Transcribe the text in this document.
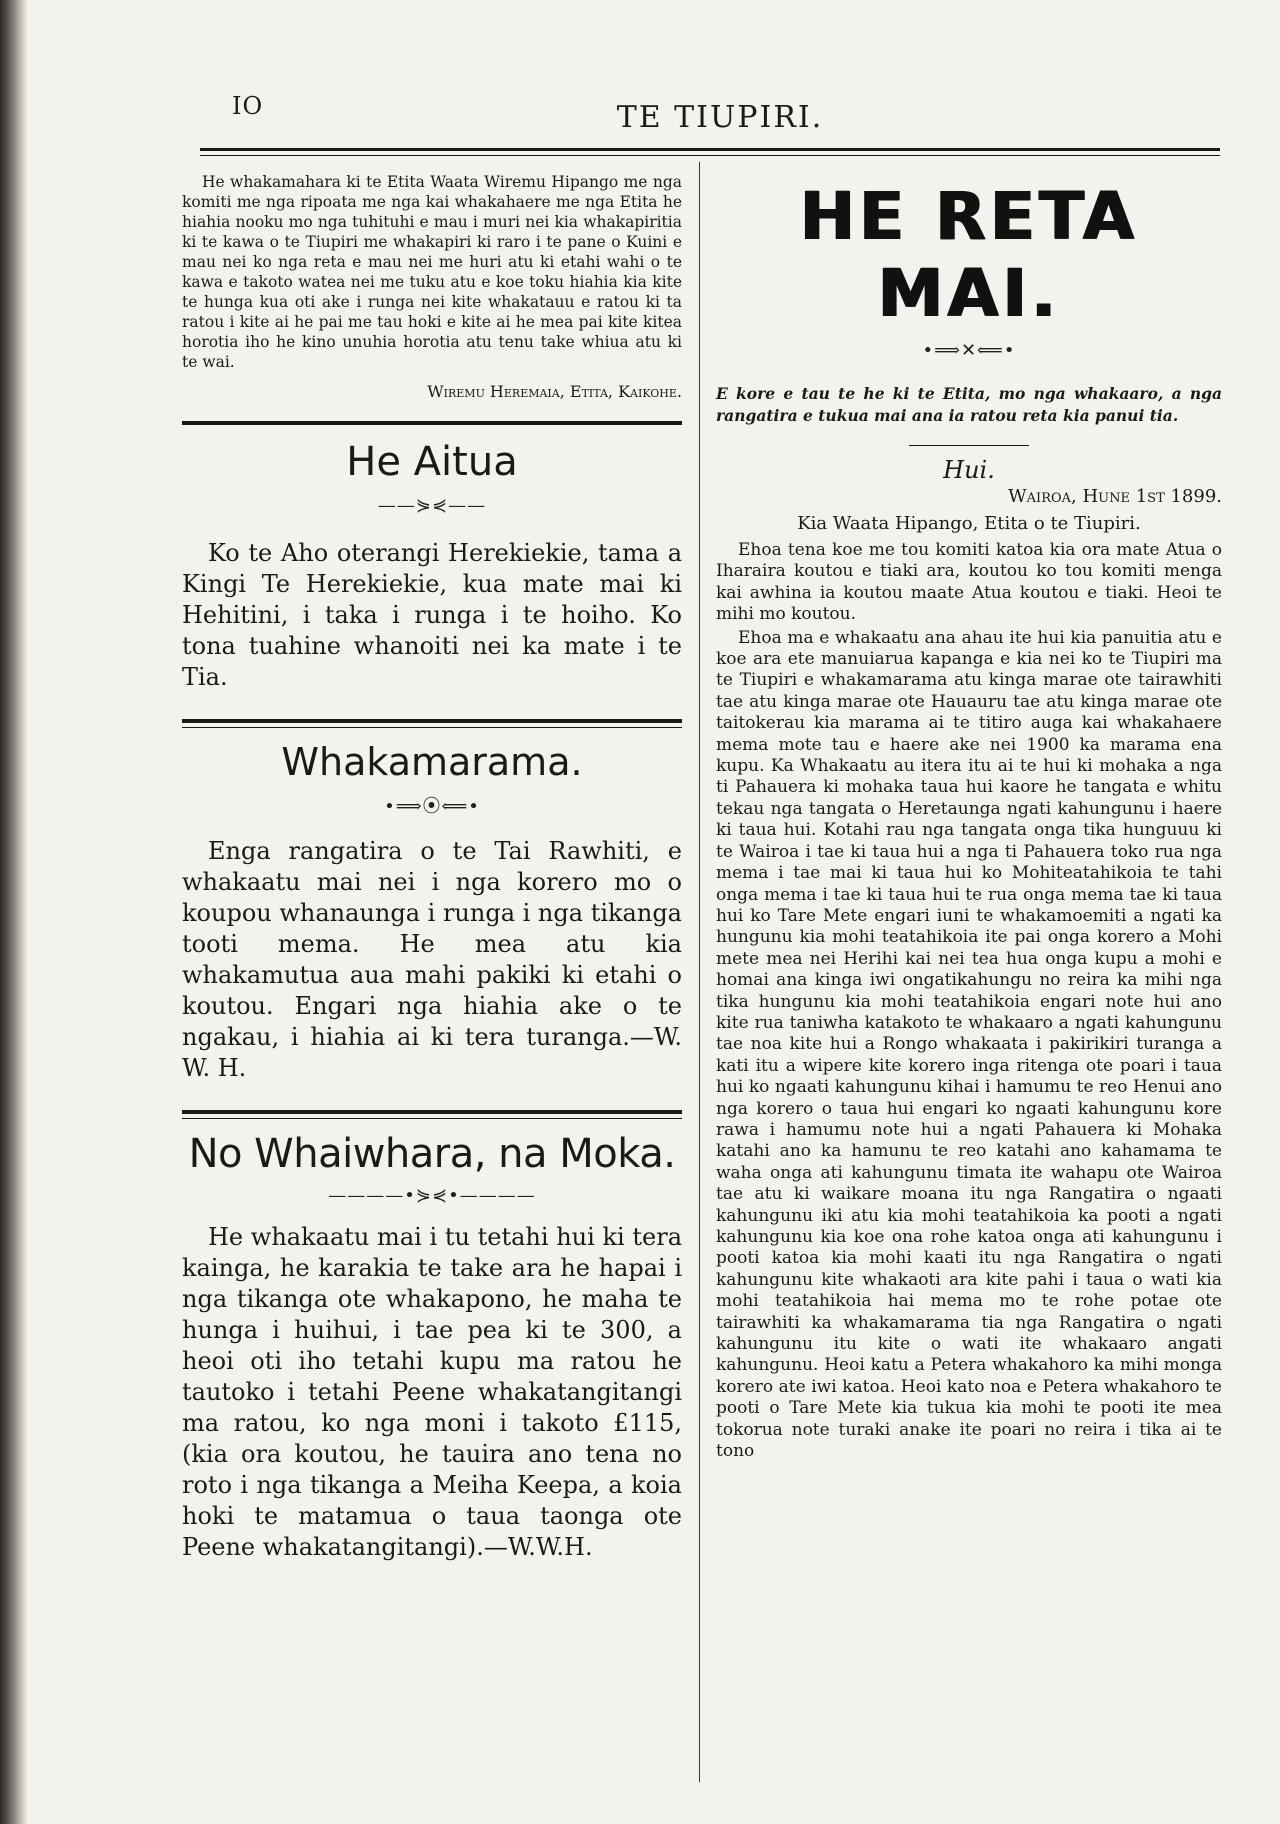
IO	TE TIUPIRI.

He whakamahara ki te Etita Waata Wiremu Hipango me nga komiti me nga ripoata me nga kai whakahaere me nga Etita he hiahia nooku mo nga tuhituhi e mau i muri nei kia whakapiritia ki te kawa o te Tiupiri me whakapiri ki raro i te pane o Kuini e mau nei ko nga reta e mau nei me huri atu ki etahi wahi o te kawa e takoto watea nei me tuku atu e koe toku hiahia kia kite te hunga kua oti ake i runga nei kite whakatauu e ratou ki ta ratou i kite ai he pai me tau hoki e kite ai he mea pai kite kitea horotia iho he kino unuhia horotia atu tenu take whiua atu ki te wai.

Wiremu Heremaia, Etita, Kaikohe.
He Aitua

——⋟⋞——

Ko te Aho oterangi Herekiekie, tama a Kingi Te Herekiekie, kua mate mai ki Hehitini, i taka i runga i te hoiho. Ko tona tuahine whanoiti nei ka mate i te Tia.

Whakamarama.

•⟹⦿⟸•

Enga rangatira o te Tai Rawhiti, e whakaatu mai nei i nga korero mo o koupou whanaunga i runga i nga tikanga tooti mema. He mea atu kia whakamutua aua mahi pakiki ki etahi o koutou. Engari nga hiahia ake o te ngakau, i hiahia ai ki tera turanga.—W. W. H.

No Whaiwhara, na Moka.

————•⋟⋞•————

He whakaatu mai i tu tetahi hui ki tera kainga, he karakia te take ara he hapai i nga tikanga ote whakapono, he maha te hunga i huihui, i tae pea ki te 300, a heoi oti iho tetahi kupu ma ratou he tautoko i tetahi Peene whakatangitangi ma ratou, ko nga moni i takoto £115, (kia ora koutou, he tauira ano tena no roto i nga tikanga a Meiha Keepa, a koia hoki te matamua o taua taonga ote Peene whakatangitangi).—W.W.H.

HE RETA MAI.

•⟹✕⟸•

E kore e tau te he ki te Etita, mo nga whakaaro, a nga rangatira e tukua mai ana ia ratou reta kia panui tia.

Hui.
Wairoa, Hune 1st 1899.
Kia Waata Hipango, Etita o te Tiupiri.

Ehoa tena koe me tou komiti katoa kia ora mate Atua o Iharaira koutou e tiaki ara, koutou ko tou komiti menga kai awhina ia koutou maate Atua koutou e tiaki. Heoi te mihi mo koutou.

Ehoa ma e whakaatu ana ahau ite hui kia panuitia atu e koe ara ete manuiarua kapanga e kia nei ko te Tiupiri ma te Tiupiri e whakamarama atu kinga marae ote tairawhiti tae atu kinga marae ote Hauauru tae atu kinga marae ote taitokerau kia marama ai te titiro auga kai whakahaere mema mote tau e haere ake nei 1900 ka marama ena kupu. Ka Whakaatu au itera itu ai te hui ki mohaka a nga ti Pahauera ki mohaka taua hui kaore he tangata e whitu tekau nga tangata o Heretaunga ngati kahungunu i haere ki taua hui. Kotahi rau nga tangata onga tika hunguuu ki te Wairoa i tae ki taua hui a nga ti Pahauera toko rua nga mema i tae mai ki taua hui ko Mohiteatahikoia te tahi onga mema i tae ki taua hui te rua onga mema tae ki taua hui ko Tare Mete engari iuni te whakamoemiti a ngati ka hungunu kia mohi teatahikoia ite pai onga korero a Mohi mete mea nei Herihi kai nei tea hua onga kupu a mohi e homai ana kinga iwi ongatikahungu no reira ka mihi nga tika hungunu kia mohi teatahikoia engari note hui ano kite rua taniwha katakoto te whakaaro a ngati kahungunu tae noa kite hui a Rongo whakaata i pakirikiri turanga a kati itu a wipere kite korero inga ritenga ote poari i taua hui ko ngaati kahungunu kihai i hamumu te reo Henui ano nga korero o taua hui engari ko ngaati kahungunu kore rawa i hamumu note hui a ngati Pahauera ki Mohaka katahi ano ka hamunu te reo katahi ano kahamama te waha onga ati kahungunu timata ite wahapu ote Wairoa tae atu ki waikare moana itu nga Rangatira o ngaati kahungunu iki atu kia mohi teatahikoia ka pooti a ngati kahungunu kia koe ona rohe katoa onga ati kahungunu i pooti katoa kia mohi kaati itu nga Rangatira o ngati kahungunu kite whakaoti ara kite pahi i taua o wati kia mohi teatahikoia hai mema mo te rohe potae ote tairawhiti ka whakamarama tia nga Rangatira o ngati kahungunu itu kite o wati ite whakaaro angati kahungunu. Heoi katu a Petera whakahoro ka mihi monga korero ate iwi katoa. Heoi kato noa e Petera whakahoro te pooti o Tare Mete kia tukua kia mohi te pooti ite mea tokorua note turaki anake ite poari no reira i tika ai te tono
